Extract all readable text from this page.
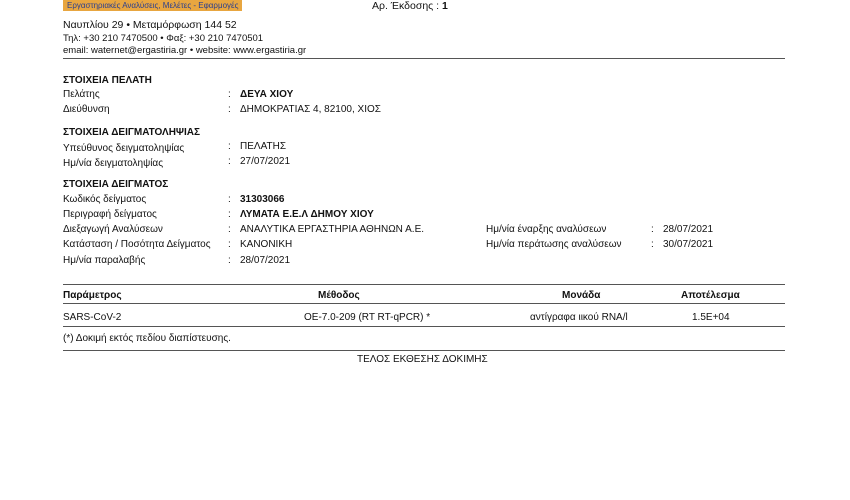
Εργαστηριακές Αναλύσεις, Μελέτες - Εφαρμογές	Αρ. Έκδοσης : 1
Ναυπλίου 29 • Μεταμόρφωση 144 52
Τηλ: +30 210 7470500 • Φαξ: +30 210 7470501
email: waternet@ergastiria.gr • website: www.ergastiria.gr
ΣΤΟΙΧΕΙΑ ΠΕΛΑΤΗ
Πελάτης	: ΔΕΥΑ ΧΙΟΥ
Διεύθυνση	: ΔΗΜΟΚΡΑΤΙΑΣ 4, 82100, ΧΙΟΣ
ΣΤΟΙΧΕΙΑ ΔΕΙΓΜΑΤΟΛΗΨΙΑΣ
Υπεύθυνος δειγματοληψίας	: ΠΕΛΑΤΗΣ
Ημ/νία δειγματοληψίας	: 27/07/2021
ΣΤΟΙΧΕΙΑ ΔΕΙΓΜΑΤΟΣ
Κωδικός δείγματος	: 31303066
Περιγραφή δείγματος	: ΛΥΜΑΤΑ Ε.Ε.Λ ΔΗΜΟΥ ΧΙΟΥ
Διεξαγωγή Αναλύσεων	: ΑΝΑΛΥΤΙΚΑ ΕΡΓΑΣΤΗΡΙΑ ΑΘΗΝΩΝ Α.Ε.	Ημ/νία έναρξης αναλύσεων	: 28/07/2021
Κατάσταση / Ποσότητα Δείγματος : ΚΑΝΟΝΙΚΗ	Ημ/νία περάτωσης αναλύσεων	: 30/07/2021
Ημ/νία παραλαβής	: 28/07/2021
Παράμετρος	Μέθοδος	Μονάδα	Αποτέλεσμα
SARS-CoV-2	ΟΕ-7.0-209 (RT RT-qPCR) *	αντίγραφα ιικού RNA/l	1.5E+04
(*) Δοκιμή εκτός πεδίου διαπίστευσης.
ΤΕΛΟΣ ΕΚΘΕΣΗΣ ΔΟΚΙΜΗΣ
